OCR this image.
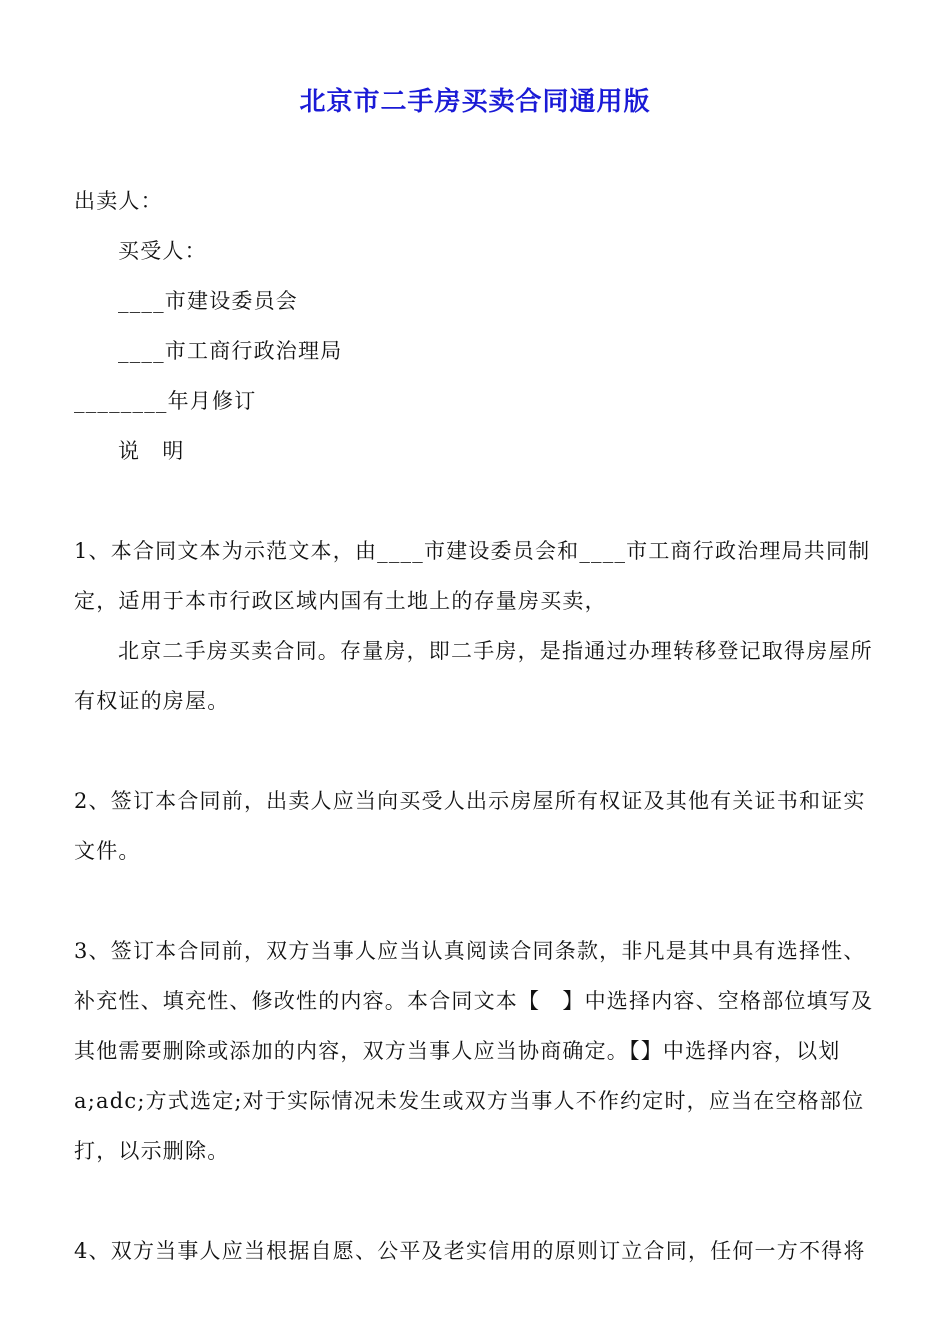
北京市二手房买卖合同通用版
出卖人：
买受人：
____市建设委员会
____市工商行政治理局
________年月修订
说　明
1、本合同文本为示范文本，由____市建设委员会和____市工商行政治理局共同制
定，适用于本市行政区域内国有土地上的存量房买卖，
北京二手房买卖合同。存量房，即二手房，是指通过办理转移登记取得房屋所
有权证的房屋。
2、签订本合同前，出卖人应当向买受人出示房屋所有权证及其他有关证书和证实
文件。
3、签订本合同前，双方当事人应当认真阅读合同条款，非凡是其中具有选择性、
补充性、填充性、修改性的内容。本合同文本【　】中选择内容、空格部位填写及
其他需要删除或添加的内容，双方当事人应当协商确定。【】中选择内容，以划
a;adc;方式选定;对于实际情况未发生或双方当事人不作约定时，应当在空格部位
打，以示删除。
4、双方当事人应当根据自愿、公平及老实信用的原则订立合同，任何一方不得将
